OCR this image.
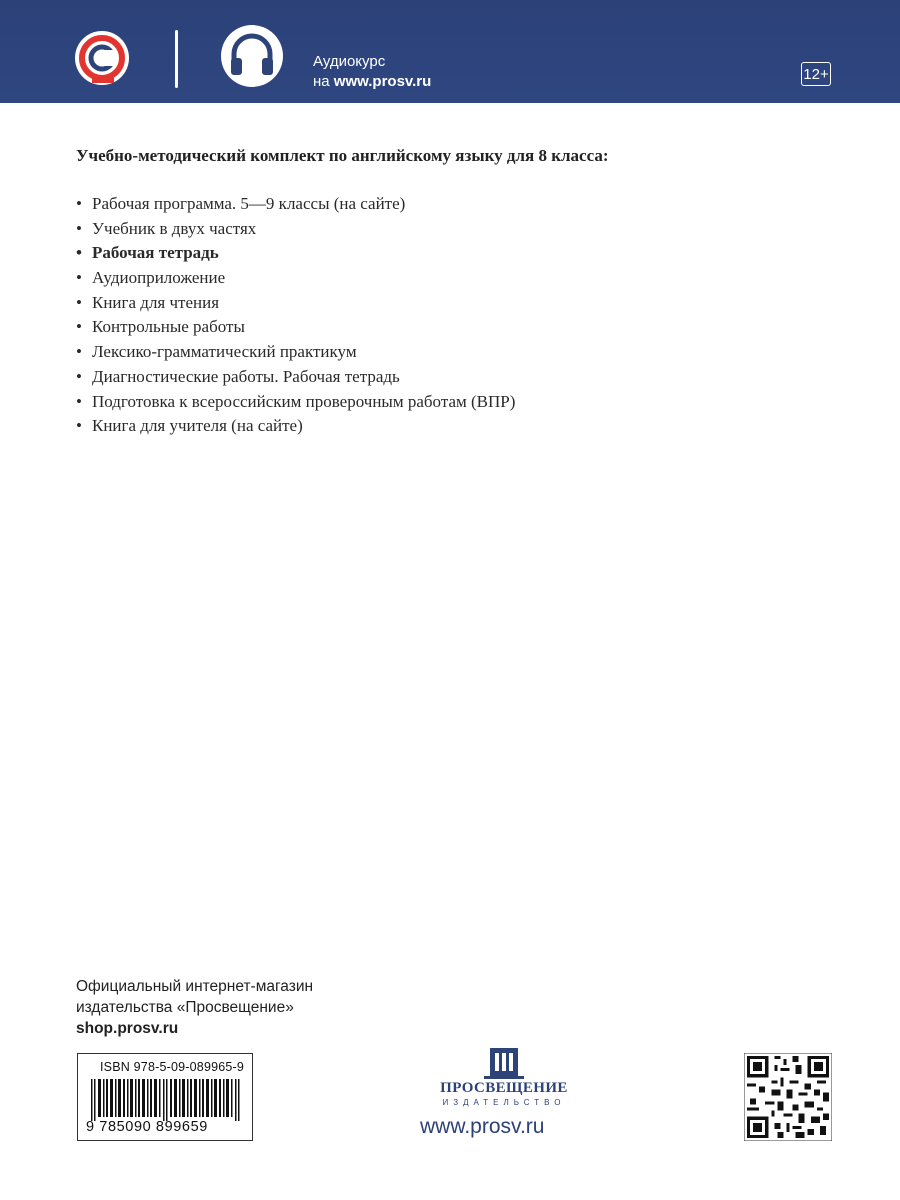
Аудиокурс
на www.prosv.ru	12+
Учебно-методический комплект по английскому языку для 8 класса:
• Рабочая программа. 5—9 классы (на сайте)
• Учебник в двух частях
• Рабочая тетрадь
• Аудиоприложение
• Книга для чтения
• Контрольные работы
• Лексико-грамматический практикум
• Диагностические работы. Рабочая тетрадь
• Подготовка к всероссийским проверочным работам (ВПР)
• Книга для учителя (на сайте)
Официальный интернет-магазин
издательства «Просвещение»
shop.prosv.ru
ISBN 978-5-09-089965-9
9 785090 899659
ПРОСВЕЩЕНИЕ
ИЗДАТЕЛЬСТВО
www.prosv.ru
